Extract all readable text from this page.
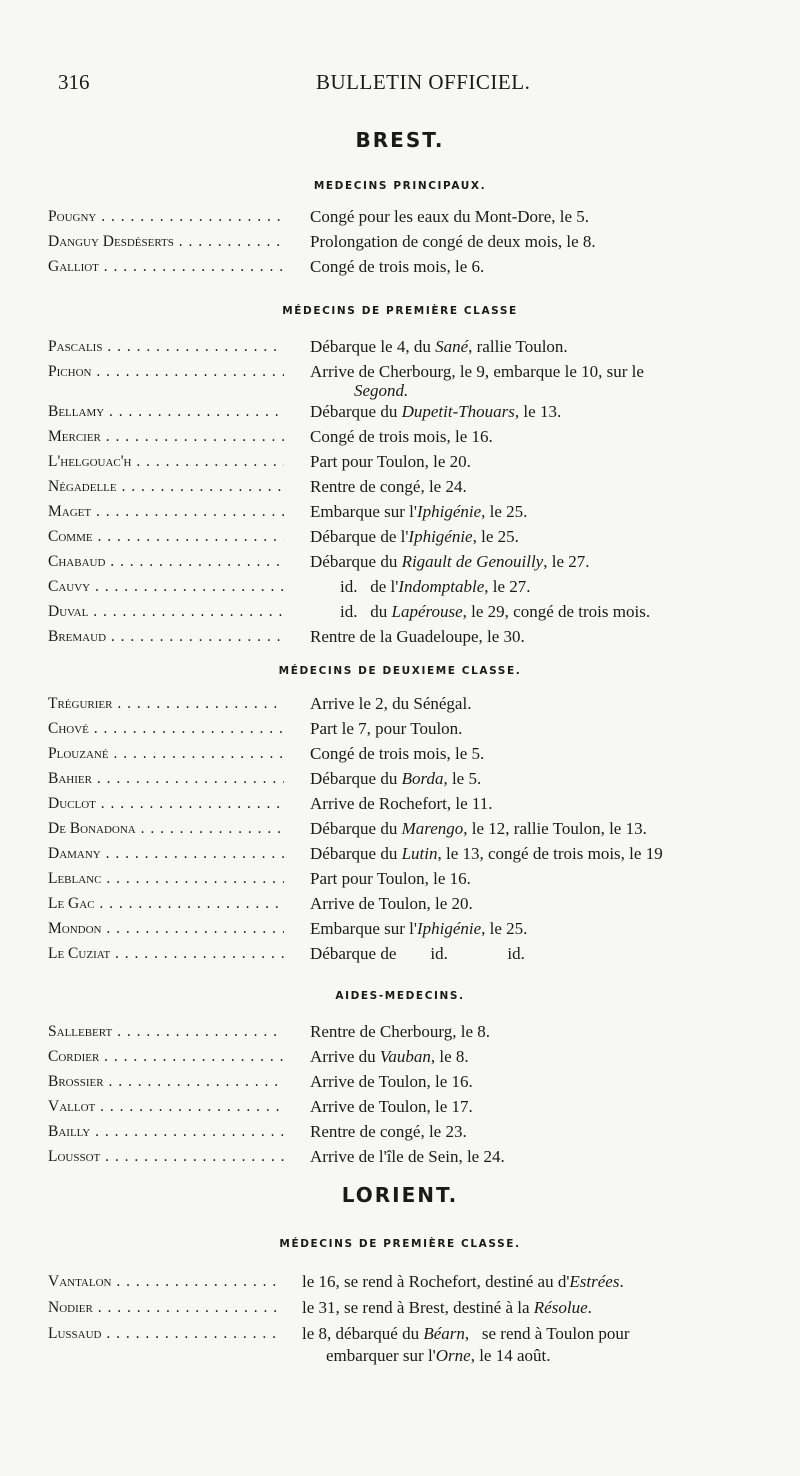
316	BULLETIN OFFICIEL.
BREST.
MEDECINS PRINCIPAUX.
Pougny . . .	Congé pour les eaux du Mont-Dore, le 5.
Danguy Desdéserts . . .	Prolongation de congé de deux mois, le 8.
Galliot . . .	Congé de trois mois, le 6.
MÉDECINS DE PREMIÈRE CLASSE
Pascalis . . .	Débarque le 4, du Sané, rallie Toulon.
Pichon . . .	Arrive de Cherbourg, le 9, embarque le 10, sur le
Segond.
Bellamy . . .	Débarque du Dupetit-Thouars, le 13.
Mercier . . .	Congé de trois mois, le 16.
L'helgouac'h . . .	Part pour Toulon, le 20.
Négadelle . . .	Rentre de congé, le 24.
Maget . . .	Embarque sur l'Iphigénie, le 25.
Comme . . .	Débarque de l'Iphigénie, le 25.
Chabaud . . .	Débarque du Rigault de Genouilly, le 27.
Cauvy . . .	id.   de l'Indomptable, le 27.
Duval . . .	id.   du Lapérouse, le 29, congé de trois mois.
Bremaud . . .	Rentre de la Guadeloupe, le 30.
MÉDECINS DE DEUXIEME CLASSE.
Trégurier . . .	Arrive le 2, du Sénégal.
Chové . . .	Part le 7, pour Toulon.
Plouzané . . .	Congé de trois mois, le 5.
Bahier . . .	Débarque du Borda, le 5.
Duclot . . .	Arrive de Rochefort, le 11.
De Bonadona . . .	Débarque du Marengo, le 12, rallie Toulon, le 13.
Damany . . .	Débarque du Lutin, le 13, congé de trois mois, le 19
Leblanc . . .	Part pour Toulon, le 16.
Le Gac . . .	Arrive de Toulon, le 20.
Mondon . . .	Embarque sur l'Iphigénie, le 25.
Le Cuziat . . .	Débarque de        id.              id.
AIDES-MEDECINS.
Sallebert . . .	Rentre de Cherbourg, le 8.
Cordier . . .	Arrive du Vauban, le 8.
Brossier . . .	Arrive de Toulon, le 16.
Vallot . . .	Arrive de Toulon, le 17.
Bailly . . .	Rentre de congé, le 23.
Loussot . . .	Arrive de l'île de Sein, le 24.
LORIENT.
MÉDECINS DE PREMIÈRE CLASSE.
Vantalon . . .	le 16, se rend à Rochefort, destiné au d'Estrées.
Nodier . . .	le 31, se rend à Brest, destiné à la Résolue.
Lussaud . . .	le 8, débarqué du Béarn,   se rend à Toulon pour
embarquer sur l'Orne, le 14 août.
